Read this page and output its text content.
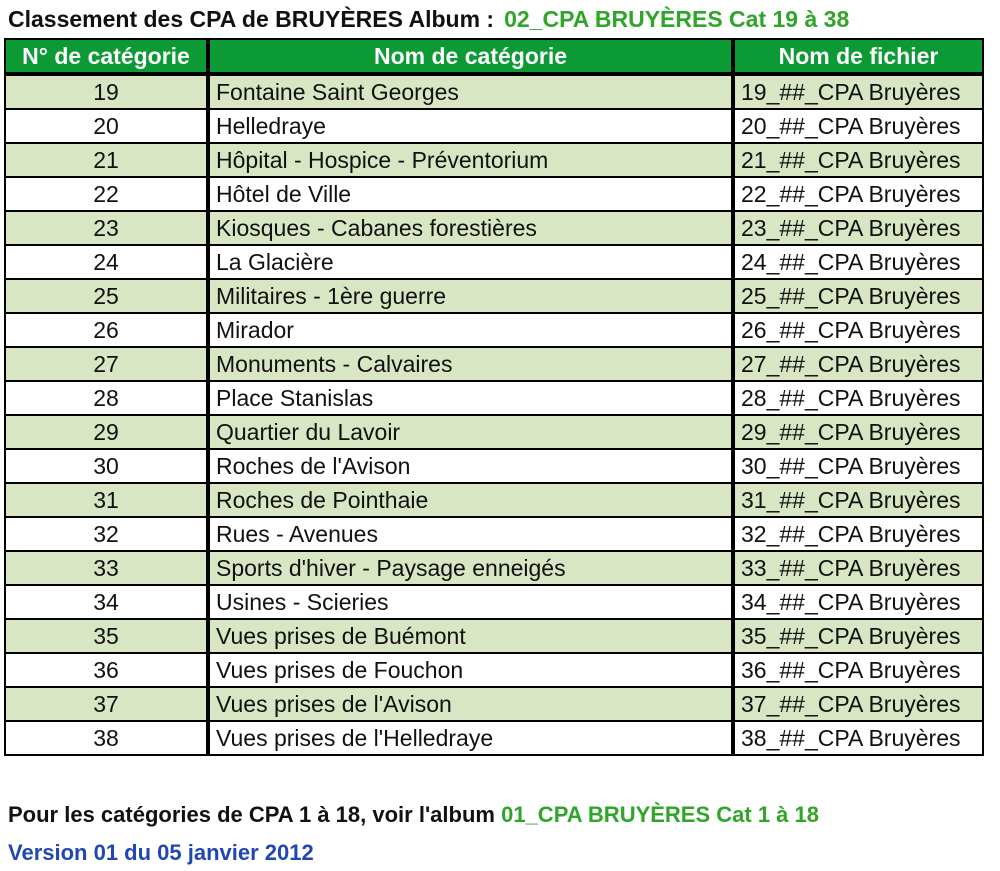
Classement des CPA de BRUYÈRES Album : 02_CPA BRUYÈRES Cat 19 à 38
N° de catégorie	Nom de catégorie	Nom de fichier
19	Fontaine Saint Georges	19_##_CPA Bruyères
20	Helledraye	20_##_CPA Bruyères
21	Hôpital - Hospice - Préventorium	21_##_CPA Bruyères
22	Hôtel de Ville	22_##_CPA Bruyères
23	Kiosques - Cabanes forestières	23_##_CPA Bruyères
24	La Glacière	24_##_CPA Bruyères
25	Militaires - 1ère guerre	25_##_CPA Bruyères
26	Mirador	26_##_CPA Bruyères
27	Monuments - Calvaires	27_##_CPA Bruyères
28	Place Stanislas	28_##_CPA Bruyères
29	Quartier du Lavoir	29_##_CPA Bruyères
30	Roches de l'Avison	30_##_CPA Bruyères
31	Roches de Pointhaie	31_##_CPA Bruyères
32	Rues - Avenues	32_##_CPA Bruyères
33	Sports d'hiver - Paysage enneigés	33_##_CPA Bruyères
34	Usines - Scieries	34_##_CPA Bruyères
35	Vues prises de Buémont	35_##_CPA Bruyères
36	Vues prises de Fouchon	36_##_CPA Bruyères
37	Vues prises de l'Avison	37_##_CPA Bruyères
38	Vues prises de l'Helledraye	38_##_CPA Bruyères
Pour les catégories de CPA 1 à 18, voir l'album 01_CPA BRUYÈRES Cat 1 à 18
Version 01 du 05 janvier 2012
